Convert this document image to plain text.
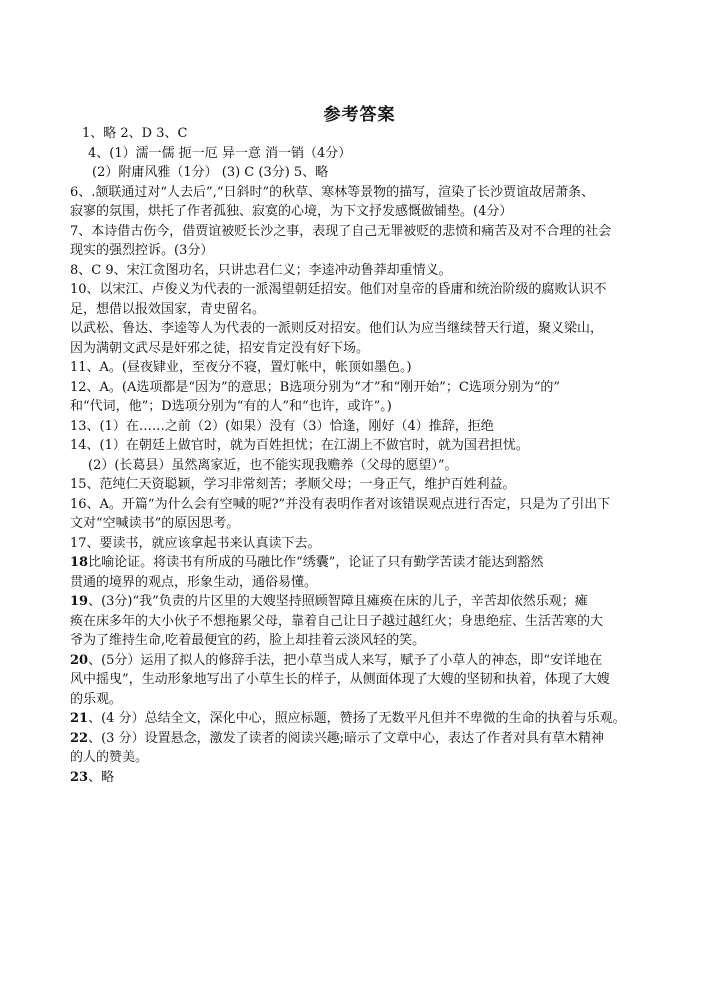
参考答案
1、略 2、D 3、C
4、(1）濡一儒 扼一厄 异一意 消一销（4分）
(2）附庸风雅（1分） (3) C (3分) 5、略
6、.颔联通过对“人去后”,“日斜时”的秋草、寒林等景物的描写，渲染了长沙贾谊故居萧条、
寂寥的氛围，烘托了作者孤独、寂寞的心境，为下文抒发感慨做铺垫。(4分）
7、本诗借古伤今，借贾谊被贬长沙之事，表现了自己无罪被贬的悲愤和痛苦及对不合理的社会
现实的强烈控诉。(3分）
8、C 9、宋江贪图功名，只讲忠君仁义；李逵冲动鲁莽却重情义。
10、以宋江、卢俊义为代表的一派渴望朝廷招安。他们对皇帝的昏庸和统治阶级的腐败认识不
足，想借以报效国家，青史留名。
以武松、鲁达、李逵等人为代表的一派则反对招安。他们认为应当继续替天行道，聚义梁山，
因为满朝文武尽是奸邪之徒，招安肯定没有好下场。
11、A。(昼夜肄业，至夜分不寝，置灯帐中，帐顶如墨色。)
12、A。(A选项都是“因为”的意思；B选项分别为“才”和“刚开始”；C选项分别为“的”
和“代词，他”；D选项分别为“有的人”和“也许，或许”。)
13、(1）在……之前（2）(如果）没有（3）恰逢，刚好（4）推辞，拒绝
14、(1）在朝廷上做官时，就为百姓担忧；在江湖上不做官时，就为国君担忧。
(2）(长葛县）虽然离家近，也不能实现我赡养（父母的愿望）”。
15、范纯仁天资聪颖，学习非常刻苦；孝顺父母；一身正气，维护百姓利益。
16、A。开篇“为什么会有空喊的呢?”并没有表明作者对该错误观点进行否定，只是为了引出下
文对“空喊读书”的原因思考。
17、要读书，就应该拿起书来认真读下去。
18比喻论证。将读书有所成的马融比作“绣囊”，论证了只有勤学苦读才能达到豁然
贯通的境界的观点，形象生动，通俗易懂。
19、(3分)“我”负责的片区里的大嫂坚持照顾智障且瘫痪在床的儿子，辛苦却依然乐观；瘫
痪在床多年的大小伙子不想拖累父母，靠着自己让日子越过越红火；身患绝症、生活苦寒的大
爷为了维持生命,吃着最便宜的药，脸上却挂着云淡风轻的笑。
20、(5分）运用了拟人的修辞手法，把小草当成人来写，赋予了小草人的神态，即“安详地在
风中摇曳”，生动形象地写出了小草生长的样子，从侧面体现了大嫂的坚韧和执着，体现了大嫂
的乐观。
21、(4 分）总结全文，深化中心，照应标题，赞扬了无数平凡但并不卑微的生命的执着与乐观。
22、(3 分）设置悬念，激发了读者的阅读兴趣;暗示了文章中心，表达了作者对具有草木精神
的人的赞美。
23、略
